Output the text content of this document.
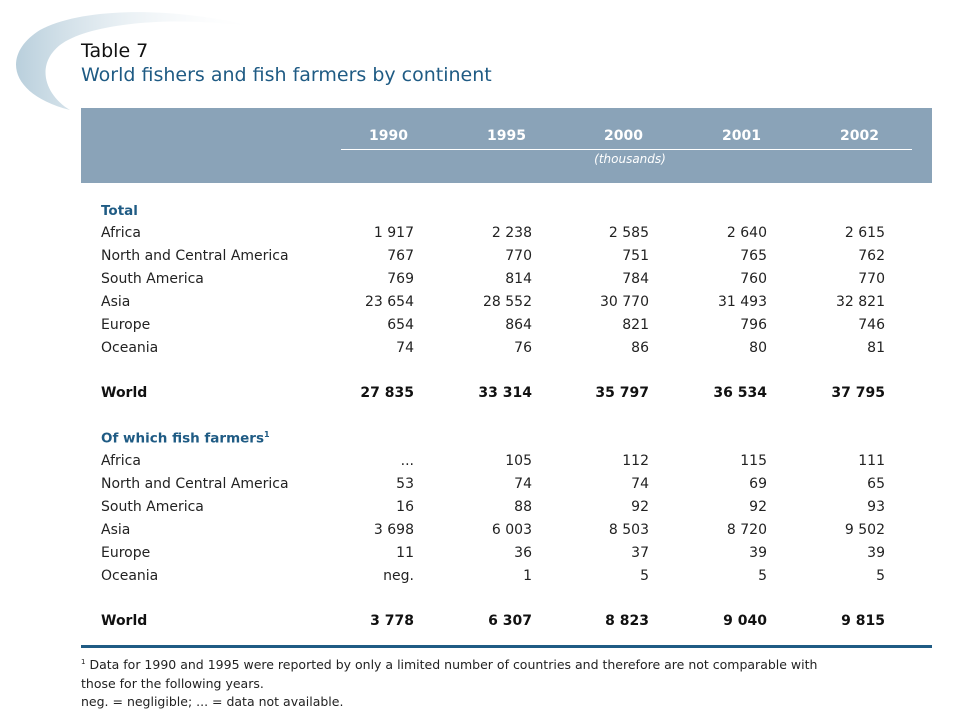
Table 7
World fishers and fish farmers by continent
1990	1995	2000	2001	2002
(thousands)
Total
Africa	1 917	2 238	2 585	2 640	2 615
North and Central America	767	770	751	765	762
South America	769	814	784	760	770
Asia	23 654	28 552	30 770	31 493	32 821
Europe	654	864	821	796	746
Oceania	74	76	86	80	81
World	27 835	33 314	35 797	36 534	37 795
Of which fish farmers$^1$
Africa	...	105	112	115	111
North and Central America	53	74	74	69	65
South America	16	88	92	92	93
Asia	3 698	6 003	8 503	8 720	9 502
Europe	11	36	37	39	39
Oceania	neg.	1	5	5	5
World	3 778	6 307	8 823	9 040	9 815
$^1$ Data for 1990 and 1995 were reported by only a limited number of countries and therefore are not comparable with
those for the following years.
neg. = negligible; ... = data not available.
